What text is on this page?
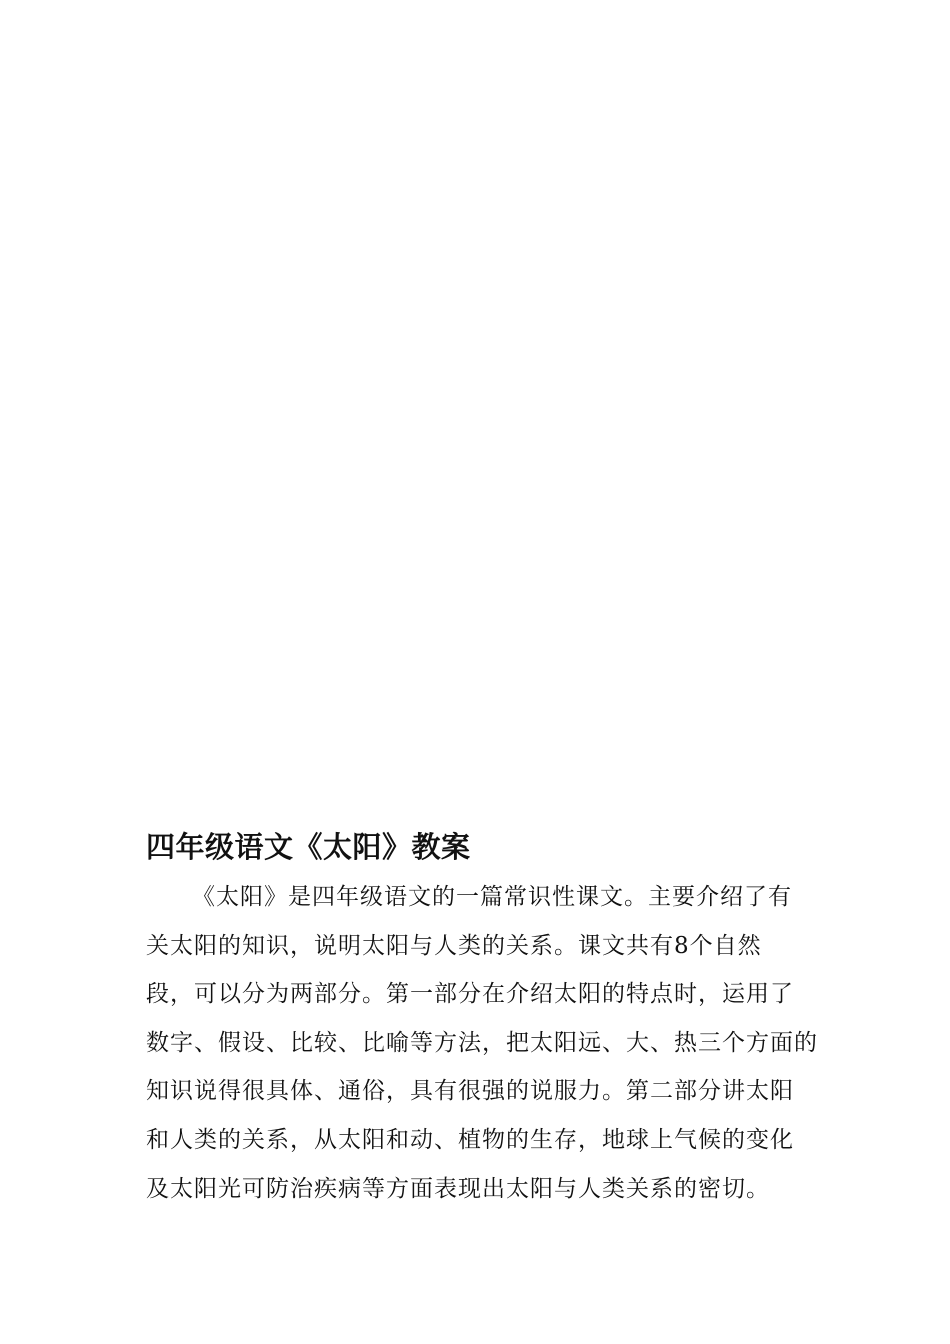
四年级语文《太阳》教案
《太阳》是四年级语文的一篇常识性课文。主要介绍了有
关太阳的知识，说明太阳与人类的关系。课文共有8个自然
段，可以分为两部分。第一部分在介绍太阳的特点时，运用了
数字、假设、比较、比喻等方法，把太阳远、大、热三个方面的
知识说得很具体、通俗，具有很强的说服力。第二部分讲太阳
和人类的关系，从太阳和动、植物的生存，地球上气候的变化
及太阳光可防治疾病等方面表现出太阳与人类关系的密切。
